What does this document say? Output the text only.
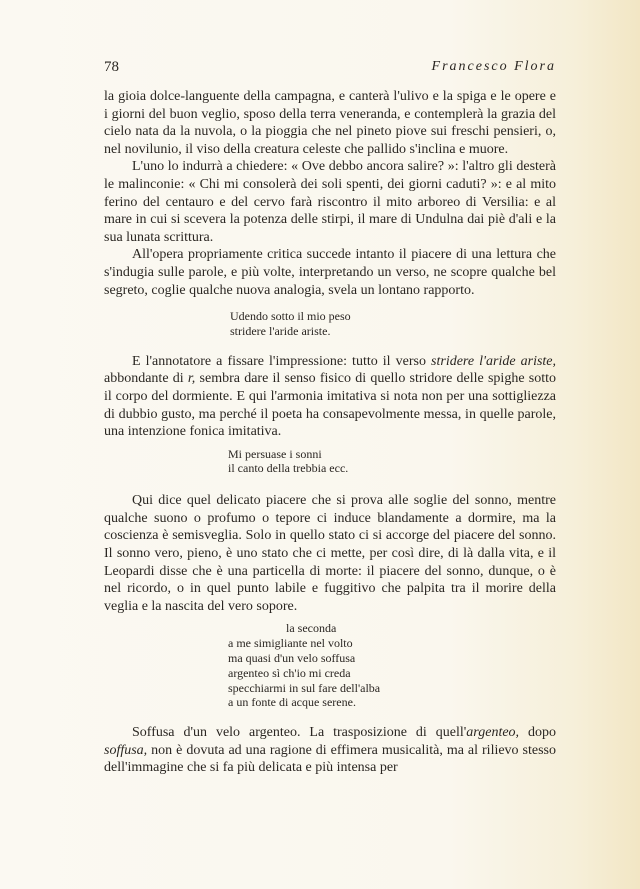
78	Francesco Flora

la gioia dolce-languente della campagna, e canterà l'ulivo e la spiga e le opere e i giorni del buon veglio, sposo della terra veneranda, e contemplerà la grazia del cielo nata da la nuvola, o la pioggia che nel pineto piove sui freschi pensieri, o, nel novilunio, il viso della creatura celeste che pallido s'inclina e muore.

L'uno lo indurrà a chiedere: « Ove debbo ancora salire? »: l'altro gli desterà le malinconie: « Chi mi consolerà dei soli spenti, dei giorni caduti? »: e al mito ferino del centauro e del cervo farà riscontro il mito arboreo di Versilia: e al mare in cui si scevera la potenza delle stirpi, il mare di Undulna dai piè d'ali e la sua lunata scrittura.

All'opera propriamente critica succede intanto il piacere di una lettura che s'indugia sulle parole, e più volte, interpretando un verso, ne scopre qualche bel segreto, coglie qualche nuova analogia, svela un lontano rapporto.

Udendo sotto il mio peso
stridere l'aride ariste.

E l'annotatore a fissare l'impressione: tutto il verso stridere l'aride ariste, abbondante di r, sembra dare il senso fisico di quello stridore delle spighe sotto il corpo del dormiente. E qui l'armonia imitativa si nota non per una sottigliezza di dubbio gusto, ma perché il poeta ha consapevolmente messa, in quelle parole, una intenzione fonica imitativa.

Mi persuase i sonni
il canto della trebbia ecc.

Qui dice quel delicato piacere che si prova alle soglie del sonno, mentre qualche suono o profumo o tepore ci induce blandamente a dormire, ma la coscienza è semisveglia. Solo in quello stato ci si accorge del piacere del sonno. Il sonno vero, pieno, è uno stato che ci mette, per così dire, di là dalla vita, e il Leopardi disse che è una particella di morte: il piacere del sonno, dunque, o è nel ricordo, o in quel punto labile e fuggitivo che palpita tra il morire della veglia e la nascita del vero sopore.

la seconda
a me simigliante nel volto
ma quasi d'un velo soffusa
argenteo sì ch'io mi creda
specchiarmi in sul fare dell'alba
a un fonte di acque serene.

Soffusa d'un velo argenteo. La trasposizione di quell'argenteo, dopo soffusa, non è dovuta ad una ragione di effimera musicalità, ma al rilievo stesso dell'immagine che si fa più delicata e più intensa per
